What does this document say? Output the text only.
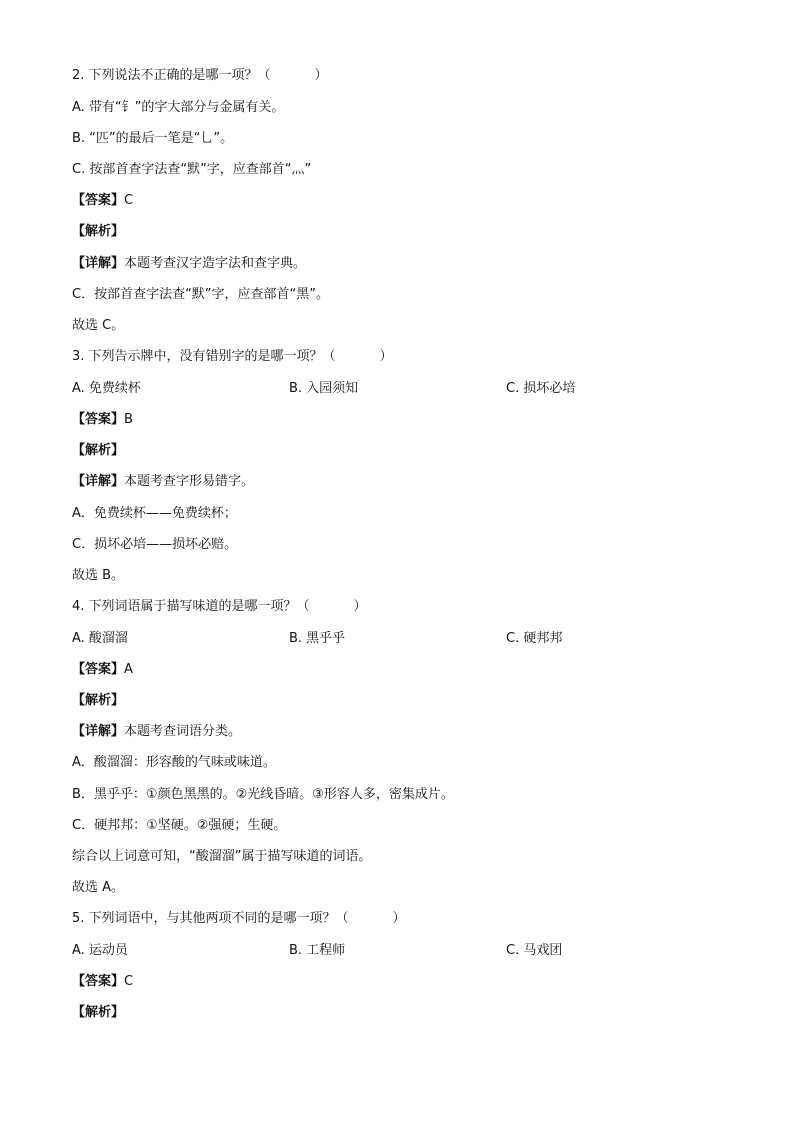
2. 下列说法不正确的是哪一项？（	）
A. 带有“钅”的字大部分与金属有关。
B. “匹”的最后一笔是“乚”。
C. 按部首查字法查“默”字，应查部首“灬”
【答案】C
【解析】
【详解】本题考查汉字造字法和查字典。
C．按部首查字法查“默”字，应查部首“黑”。
故选 C。
3. 下列告示牌中，没有错别字的是哪一项？（	）
A. 免费续杯	B. 入园须知	C. 损坏必培
【答案】B
【解析】
【详解】本题考查字形易错字。
A．免费续杯——免费续杯；
C．损坏必培——损坏必赔。
故选 B。
4. 下列词语属于描写味道的是哪一项？（	）
A. 酸溜溜	B. 黑乎乎	C. 硬邦邦
【答案】A
【解析】
【详解】本题考查词语分类。
A．酸溜溜：形容酸的气味或味道。
B．黑乎乎：①颜色黑黑的。②光线昏暗。③形容人多，密集成片。
C．硬邦邦：①坚硬。②强硬；生硬。
综合以上词意可知，“酸溜溜”属于描写味道的词语。
故选 A。
5. 下列词语中，与其他两项不同的是哪一项？（	）
A. 运动员	B. 工程师	C. 马戏团
【答案】C
【解析】
